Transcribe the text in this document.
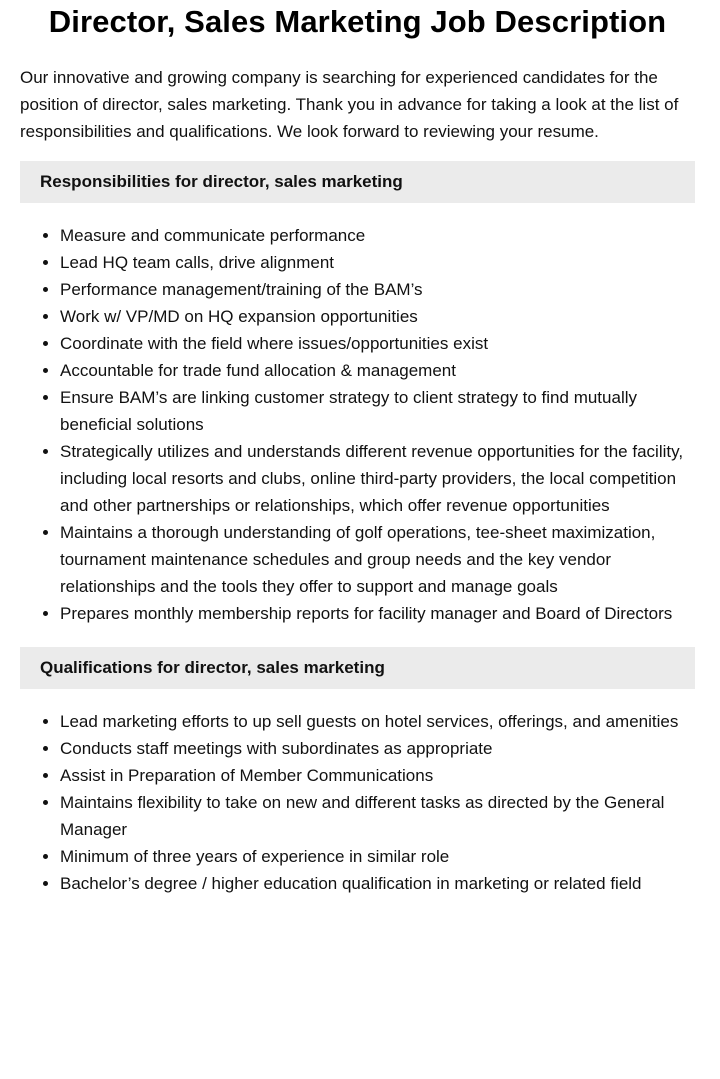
Director, Sales Marketing Job Description

Our innovative and growing company is searching for experienced candidates for the position of director, sales marketing. Thank you in advance for taking a look at the list of responsibilities and qualifications. We look forward to reviewing your resume.

Responsibilities for director, sales marketing
Measure and communicate performance
Lead HQ team calls, drive alignment
Performance management/training of the BAM’s
Work w/ VP/MD on HQ expansion opportunities
Coordinate with the field where issues/opportunities exist
Accountable for trade fund allocation & management
Ensure BAM’s are linking customer strategy to client strategy to find mutually beneficial solutions
Strategically utilizes and understands different revenue opportunities for the facility, including local resorts and clubs, online third-party providers, the local competition and other partnerships or relationships, which offer revenue opportunities
Maintains a thorough understanding of golf operations, tee-sheet maximization, tournament maintenance schedules and group needs and the key vendor relationships and the tools they offer to support and manage goals
Prepares monthly membership reports for facility manager and Board of Directors
Qualifications for director, sales marketing
Lead marketing efforts to up sell guests on hotel services, offerings, and amenities
Conducts staff meetings with subordinates as appropriate
Assist in Preparation of Member Communications
Maintains flexibility to take on new and different tasks as directed by the General Manager
Minimum of three years of experience in similar role
Bachelor’s degree / higher education qualification in marketing or related field
